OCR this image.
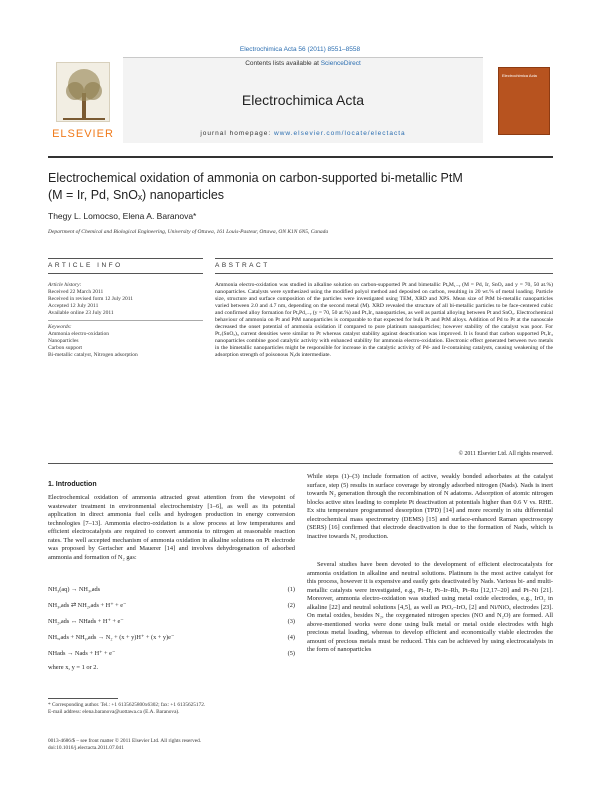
Electrochimica Acta 56 (2011) 8551–8558
ELSEVIER
Contents lists available at ScienceDirect
Electrochimica Acta
journal homepage: www.elsevier.com/locate/electacta
Electrochimica Acta
Electrochemical oxidation of ammonia on carbon-supported bi-metallic PtM
(M = Ir, Pd, SnOₓ) nanoparticles
Thegy L. Lomocso, Elena A. Baranova*
Department of Chemical and Biological Engineering, University of Ottawa, 161 Louis-Pasteur, Ottawa, ON K1N 6N5, Canada
ARTICLE INFO	ABSTRACT
Article history:
Received 22 March 2011
Received in revised form 12 July 2011
Accepted 12 July 2011
Available online 23 July 2011
Keywords:
Ammonia electro-oxidation
Nanoparticles
Carbon support
Bi-metallic catalyst, Nitrogen adsorption
Ammonia electro-oxidation was studied in alkaline solution on carbon-supported Pt and bimetallic PtₓM₁₋ᵧ (M = Pd, Ir, SnOₓ and y = 70, 50 at.%) nanoparticles. Catalysts were synthesized using the modified polyol method and deposited on carbon, resulting in 20 wt.% of metal loading. Particle size, structure and surface composition of the particles were investigated using TEM, XRD and XPS. Mean size of PtM bi-metallic nanoparticles varied between 2.0 and 4.7 nm, depending on the second metal (M). XRD revealed the structure of all bi-metallic particles to be face-centered cubic and confirmed alloy formation for PtᵧPd₁₋ᵧ (y = 70, 50 at.%) and Pt₇Ir₃ nanoparticles, as well as partial alloying between Pt and SnOₓ. Electrochemical behaviour of ammonia on Pt and PtM nanoparticles is comparable to that expected for bulk Pt and PtM alloys. Addition of Pd to Pt at the nanoscale decreased the onset potential of ammonia oxidation if compared to pure platinum nanoparticles; however stability of the catalyst was poor. For Pt₇(SnOₓ)₃ current densities were similar to Pt whereas catalyst stability against deactivation was improved. It is found that carbon supported Pt₇Ir₃ nanoparticles combine good catalytic activity with enhanced stability for ammonia electro-oxidation. Electronic effect generated between two metals in the bimetallic nanoparticles might be responsible for increase in the catalytic activity of Pd- and Ir-containing catalysts, causing weakening of the adsorption strength of poisonous Nₐds intermediate.
© 2011 Elsevier Ltd. All rights reserved.
1. Introduction
Electrochemical oxidation of ammonia attracted great attention from the viewpoint of wastewater treatment in environmental electrochemistry [1–6], as well as its potential application in direct ammonia fuel cells and hydrogen production in energy conversion technologies [7–13]. Ammonia electro-oxidation is a slow process at low temperatures and efficient electrocatalysts are required to convert ammonia to nitrogen at reasonable reaction rates. The well accepted mechanism of ammonia oxidation in alkaline solutions on Pt electrode was proposed by Gerischer and Mauerer [14] and involves dehydrogenation of adsorbed ammonia and formation of N₂ gas:
NH₃(aq) → NH₃,ads	(1)
NH₃,ads ⇄ NH₂,ads + H⁺ + e⁻	(2)
NH₂,ads ↔ NHads + H⁺ + e⁻	(3)
NHₓ,ads + NHᵧ,ads → N₂ + (x + y)H⁺ + (x + y)e⁻	(4)
NHads → Nads + H⁺ + e⁻	(5)
where x, y = 1 or 2.
* Corresponding author. Tel.: +1 6135625800x6302; fax: +1 6135625172.
E-mail address: elena.baranova@uottawa.ca (E.A. Baranova).
0013-4686/$ – see front matter © 2011 Elsevier Ltd. All rights reserved.
doi:10.1016/j.electacta.2011.07.041
While steps (1)–(3) include formation of active, weakly bonded adsorbates at the catalyst surface, step (5) results in surface coverage by strongly adsorbed nitrogen (Nads). Nads is inert towards N₂ generation through the recombination of N adatoms. Adsorption of atomic nitrogen blocks active sites leading to complete Pt deactivation at potentials higher than 0.6 V vs. RHE. Ex situ temperature programmed desorption (TPD) [14] and more recently in situ differential electrochemical mass spectrometry (DEMS) [15] and surface-enhanced Raman spectroscopy (SERS) [16] confirmed that electrode deactivation is due to the formation of Nads, which is inactive towards N₂ production.
Several studies have been devoted to the development of efficient electrocatalysts for ammonia oxidation in alkaline and neutral solutions. Platinum is the most active catalyst for this process, however it is expensive and easily gets deactivated by Nads. Various bi- and multi-metallic catalysts were investigated, e.g., Pt–Ir, Pt–Ir–Rh, Pt–Ru [12,17–20] and Pt–Ni [21]. Moreover, ammonia electro-oxidation was studied using metal oxide electrodes, e.g., IrO₂ in alkaline [22] and neutral solutions [4,5], as well as PtOₓ–IrOₓ [2] and Ni/NiOₓ electrodes [23]. On metal oxides, besides N₂, the oxygenated nitrogen species (NO and N₂O) are formed. All above-mentioned works were done using bulk metal or metal oxide electrodes with high precious metal loading, whereas to develop efficient and economically viable electrodes the amount of precious metals must be reduced. This can be achieved by using electrocatalysts in the form of nanoparticles
